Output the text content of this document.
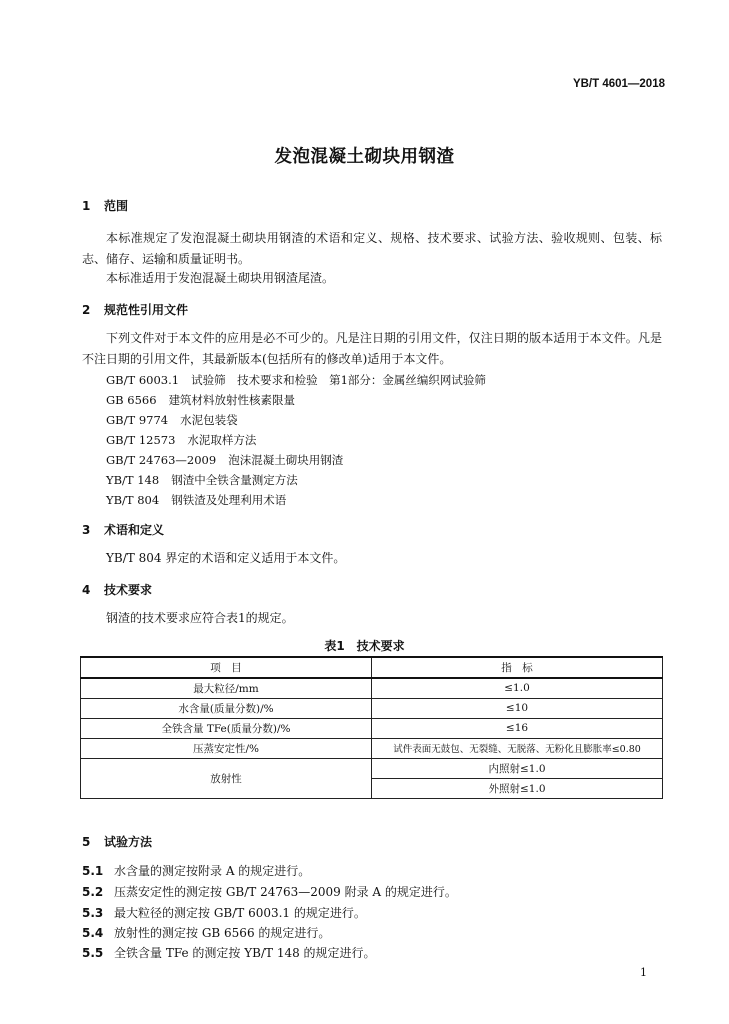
YB/T 4601—2018
发泡混凝土砌块用钢渣
1 范围
本标准规定了发泡混凝土砌块用钢渣的术语和定义、规格、技术要求、试验方法、验收规则、包装、标志、储存、运输和质量证明书。
本标准适用于发泡混凝土砌块用钢渣尾渣。
2 规范性引用文件
下列文件对于本文件的应用是必不可少的。凡是注日期的引用文件，仅注日期的版本适用于本文件。凡是不注日期的引用文件，其最新版本(包括所有的修改单)适用于本文件。
GB/T 6003.1 试验筛　技术要求和检验　第1部分：金属丝编织网试验筛
GB 6566 建筑材料放射性核素限量
GB/T 9774 水泥包装袋
GB/T 12573 水泥取样方法
GB/T 24763—2009 泡沫混凝土砌块用钢渣
YB/T 148 钢渣中全铁含量测定方法
YB/T 804 钢铁渣及处理利用术语
3 术语和定义
YB/T 804 界定的术语和定义适用于本文件。
4 技术要求
钢渣的技术要求应符合表1的规定。
表1　技术要求
项　目	指　标
最大粒径/mm	≤1.0
水含量(质量分数)/%	≤10
全铁含量 TFe(质量分数)/%	≤16
压蒸安定性/%	试件表面无鼓包、无裂缝、无脱落、无粉化且膨胀率≤0.80
放射性	内照射≤1.0
	外照射≤1.0
5 试验方法
5.1 水含量的测定按附录 A 的规定进行。
5.2 压蒸安定性的测定按 GB/T 24763—2009 附录 A 的规定进行。
5.3 最大粒径的测定按 GB/T 6003.1 的规定进行。
5.4 放射性的测定按 GB 6566 的规定进行。
5.5 全铁含量 TFe 的测定按 YB/T 148 的规定进行。
1
